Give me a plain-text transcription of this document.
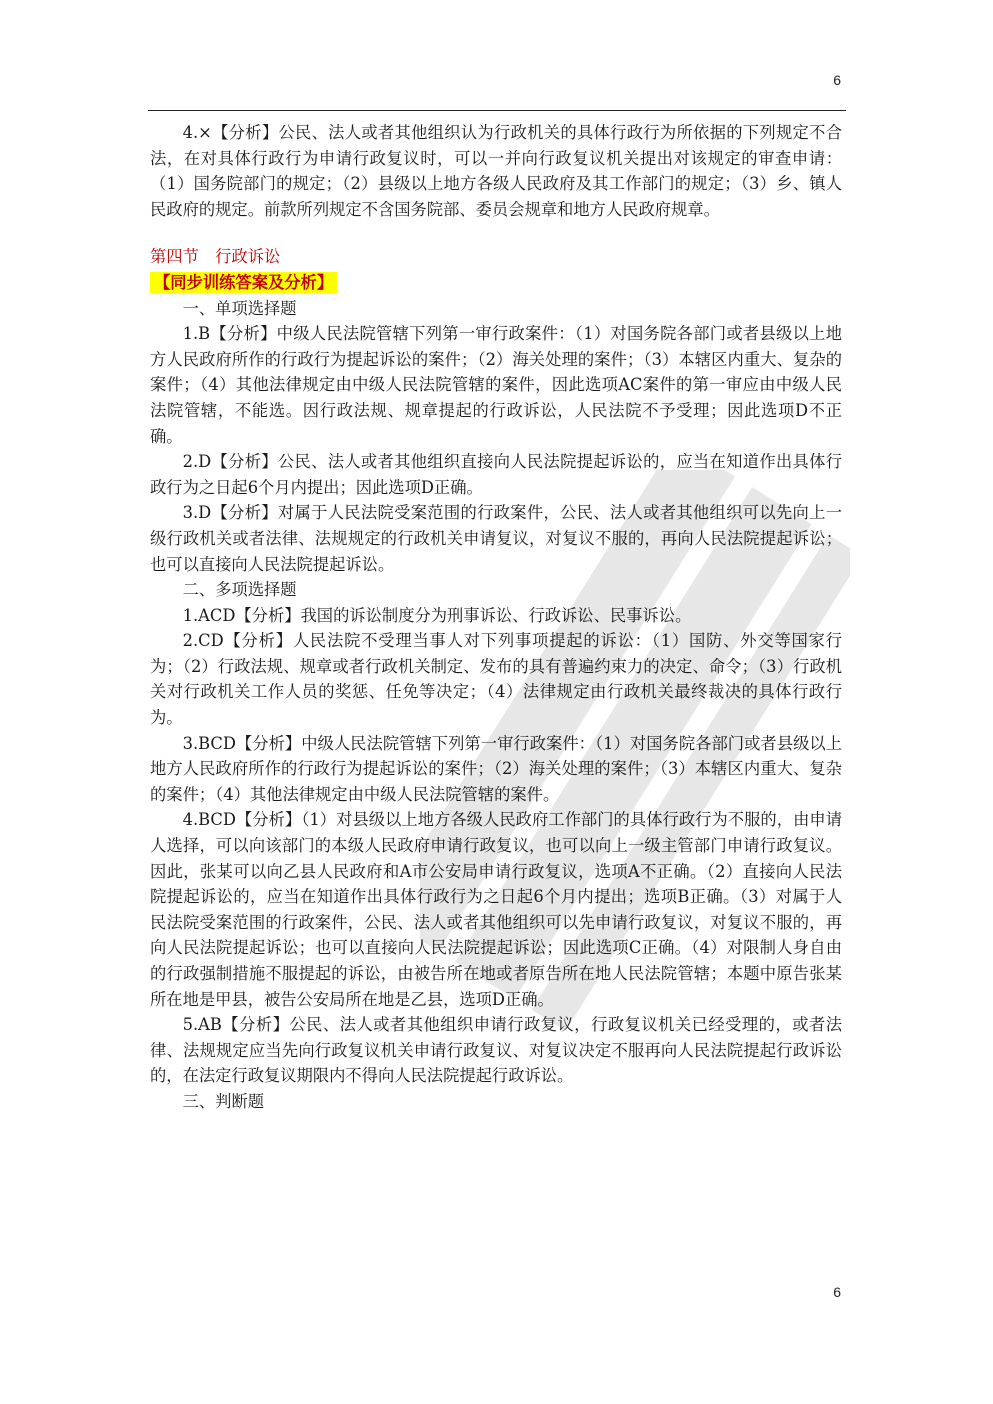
6

4.×【分析】公民、法人或者其他组织认为行政机关的具体行政行为所依据的下列规定不合法，在对具体行政行为申请行政复议时，可以一并向行政复议机关提出对该规定的审查申请：（1）国务院部门的规定；（2）县级以上地方各级人民政府及其工作部门的规定；（3）乡、镇人民政府的规定。前款所列规定不含国务院部、委员会规章和地方人民政府规章。

第四节　行政诉讼

【同步训练答案及分析】

一、单项选择题

1.B【分析】中级人民法院管辖下列第一审行政案件：（1）对国务院各部门或者县级以上地方人民政府所作的行政行为提起诉讼的案件；（2）海关处理的案件；（3）本辖区内重大、复杂的案件；（4）其他法律规定由中级人民法院管辖的案件，因此选项AC案件的第一审应由中级人民法院管辖，不能选。因行政法规、规章提起的行政诉讼，人民法院不予受理；因此选项D不正确。

2.D【分析】公民、法人或者其他组织直接向人民法院提起诉讼的，应当在知道作出具体行政行为之日起6个月内提出；因此选项D正确。

3.D【分析】对属于人民法院受案范围的行政案件，公民、法人或者其他组织可以先向上一级行政机关或者法律、法规规定的行政机关申请复议，对复议不服的，再向人民法院提起诉讼；也可以直接向人民法院提起诉讼。

二、多项选择题

1.ACD【分析】我国的诉讼制度分为刑事诉讼、行政诉讼、民事诉讼。

2.CD【分析】人民法院不受理当事人对下列事项提起的诉讼：（1）国防、外交等国家行为；（2）行政法规、规章或者行政机关制定、发布的具有普遍约束力的决定、命令；（3）行政机关对行政机关工作人员的奖惩、任免等决定；（4）法律规定由行政机关最终裁决的具体行政行为。

3.BCD【分析】中级人民法院管辖下列第一审行政案件：（1）对国务院各部门或者县级以上地方人民政府所作的行政行为提起诉讼的案件；（2）海关处理的案件；（3）本辖区内重大、复杂的案件；（4）其他法律规定由中级人民法院管辖的案件。

4.BCD【分析】（1）对县级以上地方各级人民政府工作部门的具体行政行为不服的，由申请人选择，可以向该部门的本级人民政府申请行政复议，也可以向上一级主管部门申请行政复议。因此，张某可以向乙县人民政府和A市公安局申请行政复议，选项A不正确。（2）直接向人民法院提起诉讼的，应当在知道作出具体行政行为之日起6个月内提出；选项B正确。（3）对属于人民法院受案范围的行政案件，公民、法人或者其他组织可以先申请行政复议，对复议不服的，再向人民法院提起诉讼；也可以直接向人民法院提起诉讼；因此选项C正确。（4）对限制人身自由的行政强制措施不服提起的诉讼，由被告所在地或者原告所在地人民法院管辖；本题中原告张某所在地是甲县，被告公安局所在地是乙县，选项D正确。

5.AB【分析】公民、法人或者其他组织申请行政复议，行政复议机关已经受理的，或者法律、法规规定应当先向行政复议机关申请行政复议、对复议决定不服再向人民法院提起行政诉讼的，在法定行政复议期限内不得向人民法院提起行政诉讼。

三、判断题

6
